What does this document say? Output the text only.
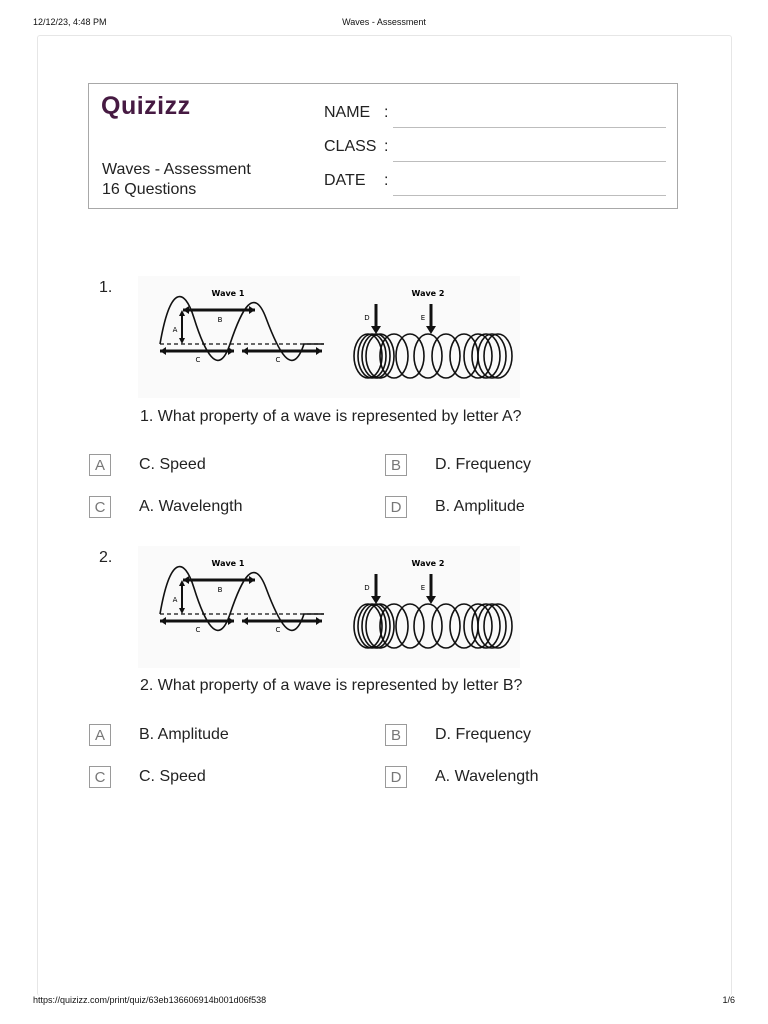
12/12/23, 4:48 PM	Waves - Assessment
Quizizz
Waves - Assessment
16 Questions
NAME :
CLASS :
DATE :
1.	Wave 1	Wave 2
B
A
C	C
D	E
1. What property of a wave is represented by letter A?
A	C. Speed	B	D. Frequency
C	A. Wavelength	D	B. Amplitude
2.	Wave 1	Wave 2
B
A
C	C
D	E
2. What property of a wave is represented by letter B?
A	B. Amplitude	B	D. Frequency
C	C. Speed	D	A. Wavelength
https://quizizz.com/print/quiz/63eb136606914b001d06f538	1/6
